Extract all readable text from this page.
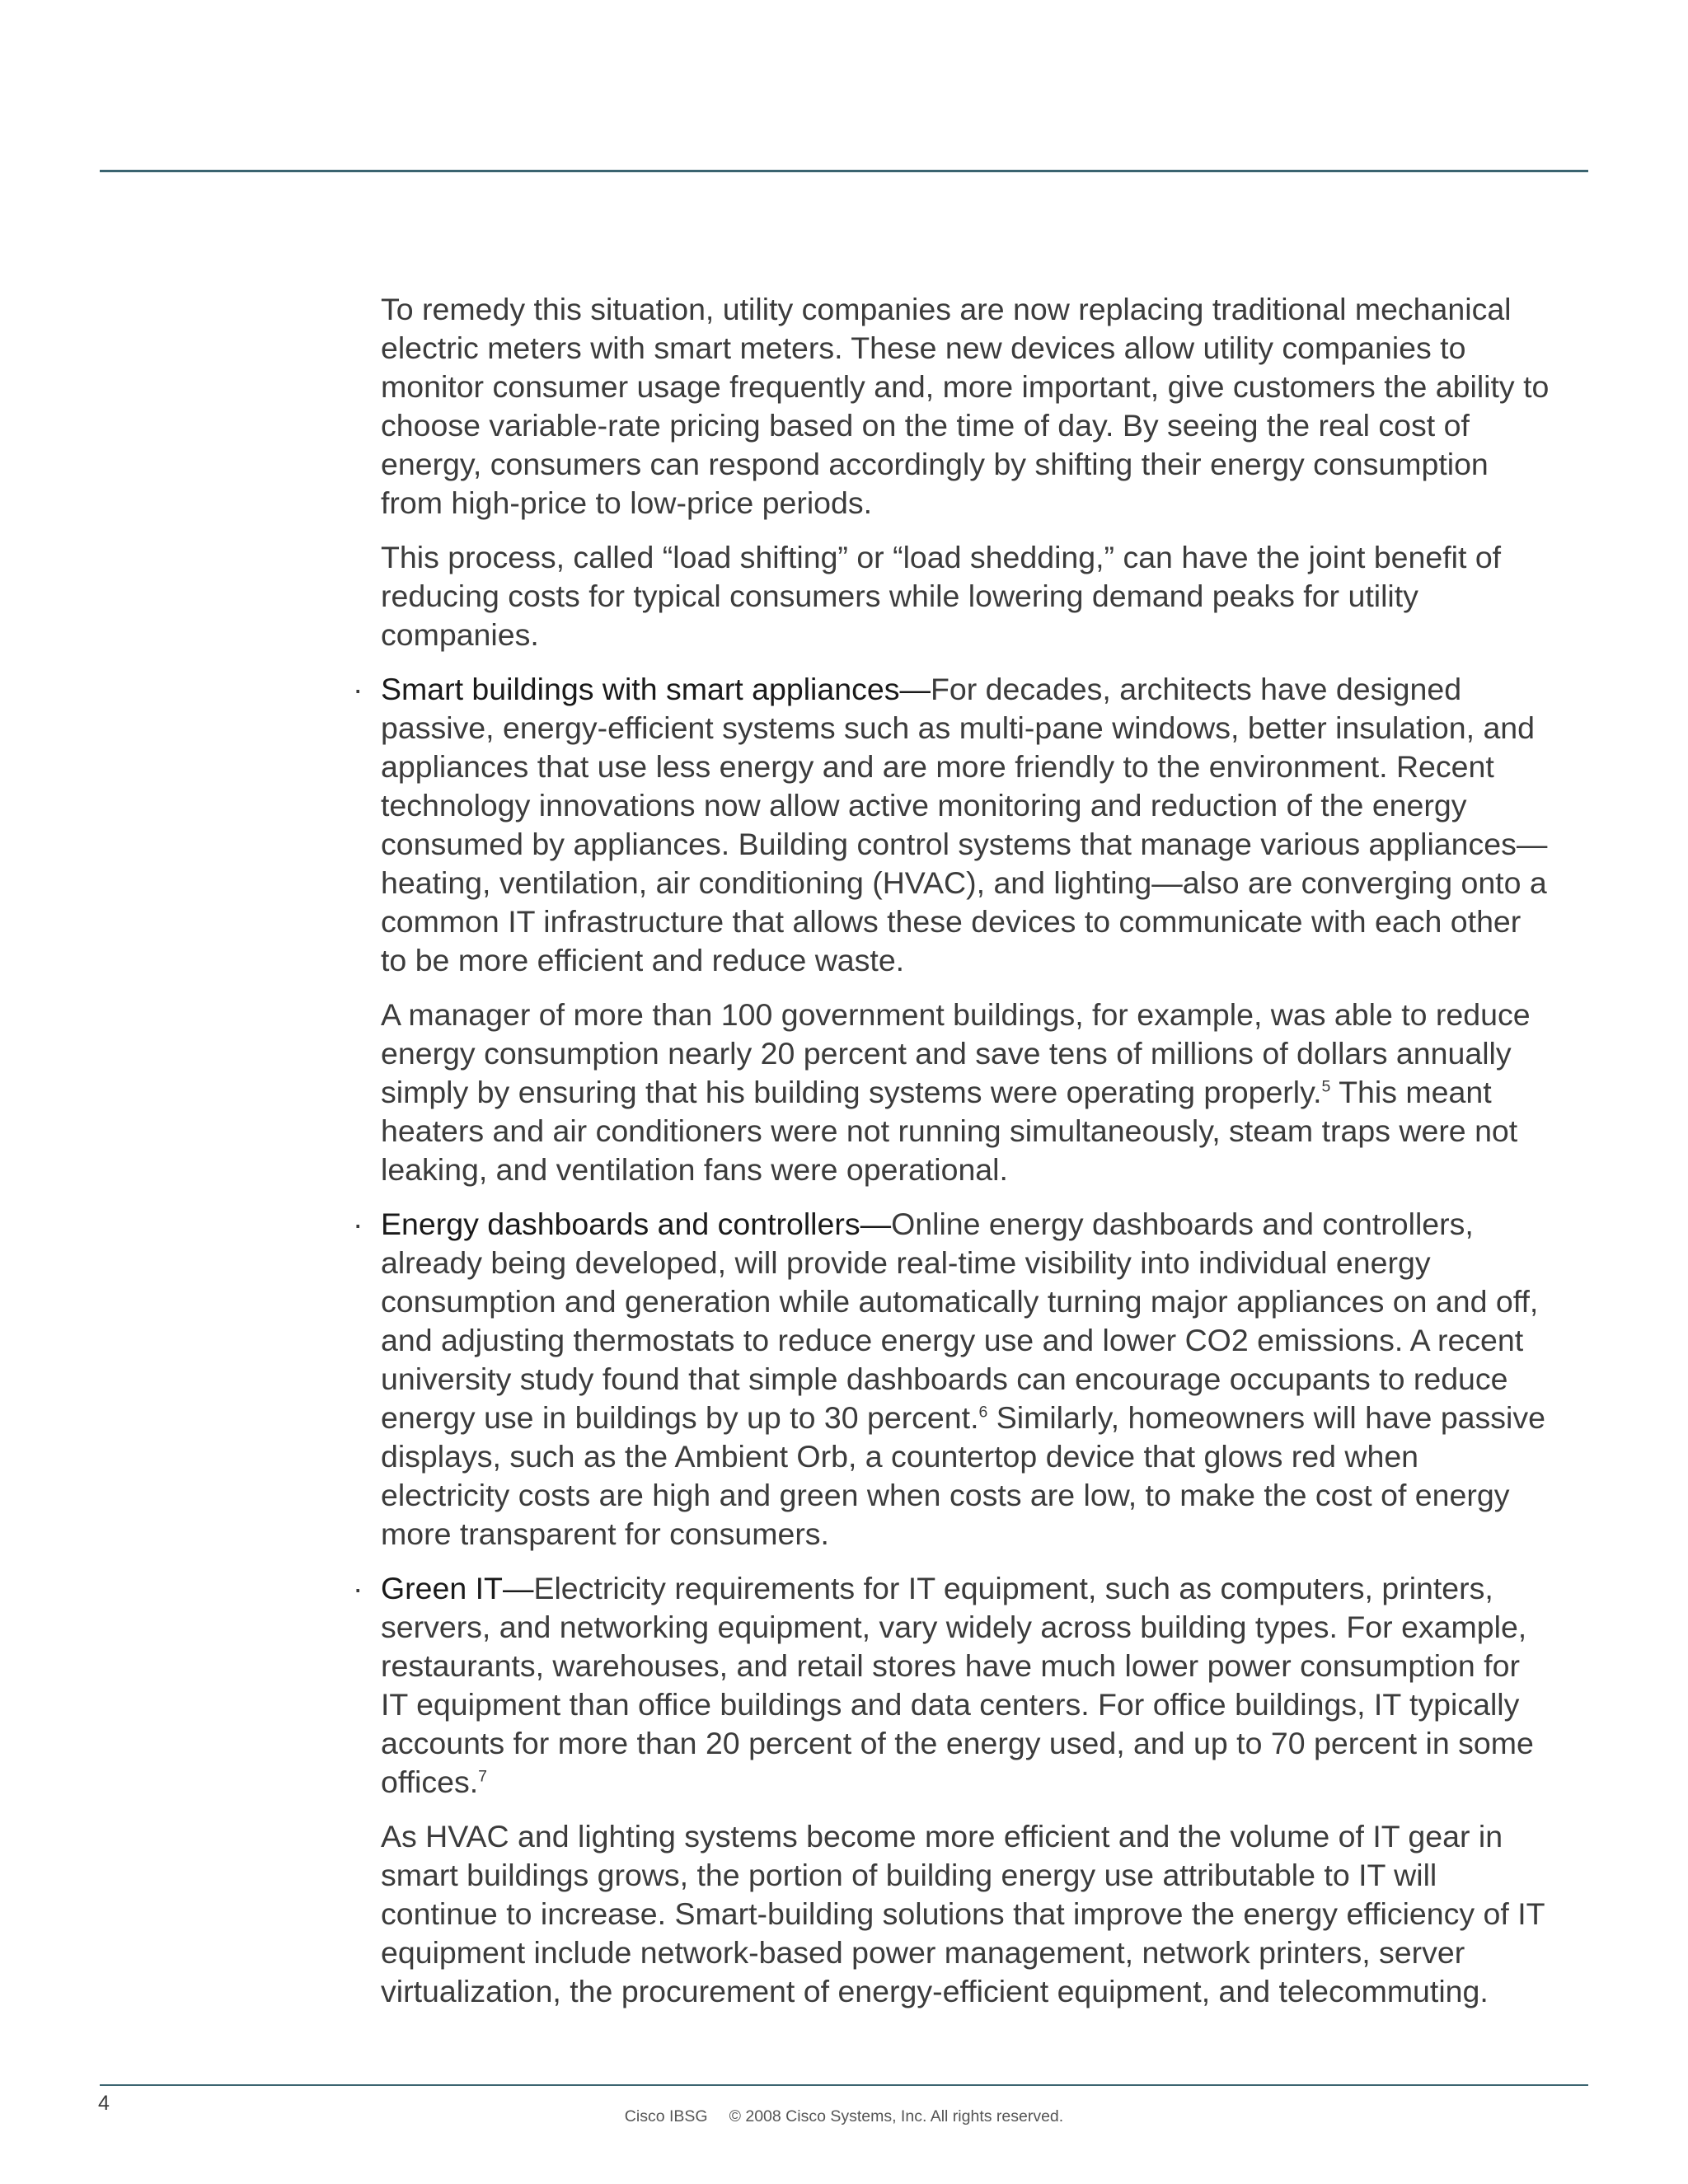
To remedy this situation, utility companies are now replacing traditional mechanical electric meters with smart meters. These new devices allow utility companies to monitor consumer usage frequently and, more important, give customers the ability to choose variable-rate pricing based on the time of day. By seeing the real cost of energy, consumers can respond accordingly by shifting their energy consumption from high-price to low-price periods.

This process, called “load shifting” or “load shedding,” can have the joint benefit of reducing costs for typical consumers while lowering demand peaks for utility companies.

· Smart buildings with smart appliances—For decades, architects have designed passive, energy-efficient systems such as multi-pane windows, better insulation, and appliances that use less energy and are more friendly to the environment. Recent technology innovations now allow active monitoring and reduction of the energy consumed by appliances. Building control systems that manage various appliances—heating, ventilation, air conditioning (HVAC), and lighting—also are converging onto a common IT infrastructure that allows these devices to communicate with each other to be more efficient and reduce waste.

A manager of more than 100 government buildings, for example, was able to reduce energy consumption nearly 20 percent and save tens of millions of dollars annually simply by ensuring that his building systems were operating properly.$^5$ This meant heaters and air conditioners were not running simultaneously, steam traps were not leaking, and ventilation fans were operational.

· Energy dashboards and controllers—Online energy dashboards and controllers, already being developed, will provide real-time visibility into individual energy consumption and generation while automatically turning major appliances on and off, and adjusting thermostats to reduce energy use and lower CO2 emissions. A recent university study found that simple dashboards can encourage occupants to reduce energy use in buildings by up to 30 percent.$^6$ Similarly, homeowners will have passive displays, such as the Ambient Orb, a countertop device that glows red when electricity costs are high and green when costs are low, to make the cost of energy more transparent for consumers.

· Green IT—Electricity requirements for IT equipment, such as computers, printers, servers, and networking equipment, vary widely across building types. For example, restaurants, warehouses, and retail stores have much lower power consumption for IT equipment than office buildings and data centers. For office buildings, IT typically accounts for more than 20 percent of the energy used, and up to 70 percent in some offices.$^7$

As HVAC and lighting systems become more efficient and the volume of IT gear in smart buildings grows, the portion of building energy use attributable to IT will continue to increase. Smart-building solutions that improve the energy efficiency of IT equipment include network-based power management, network printers, server virtualization, the procurement of energy-efficient equipment, and telecommuting.

4
Cisco IBSG © 2008 Cisco Systems, Inc. All rights reserved.
